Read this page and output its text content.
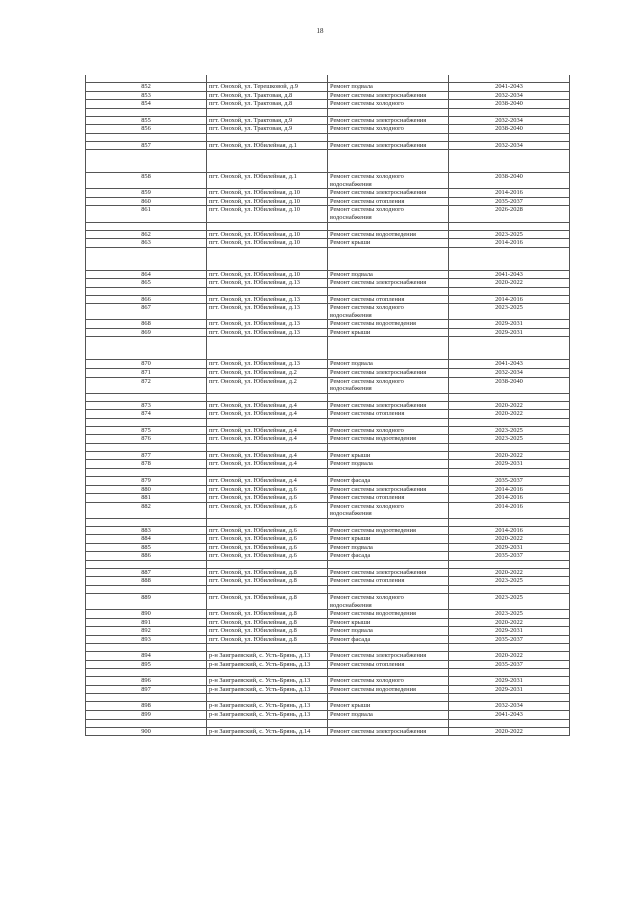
18

852	пгт. Онохой, ул. Терешковой, д.9	Ремонт подвала	2041-2043
853	пгт. Онохой, ул. Трактовая, д.8	Ремонт системы электроснабжения	2032-2034
854	пгт. Онохой, ул. Трактовая, д.8	Ремонт системы холодного	2038-2040

855	пгт. Онохой, ул. Трактовая, д.9	Ремонт системы электроснабжения	2032-2034
856	пгт. Онохой, ул. Трактовая, д.9	Ремонт системы холодного	2038-2040

857	пгт. Онохой, ул. Юбилейная, д.1	Ремонт системы электроснабжения	2032-2034

858	пгт. Онохой, ул. Юбилейная, д.1	Ремонт системы холодного водоснабжения	2038-2040
859	пгт. Онохой, ул. Юбилейная, д.10	Ремонт системы электроснабжения	2014-2016
860	пгт. Онохой, ул. Юбилейная, д.10	Ремонт системы отопления	2035-2037
861	пгт. Онохой, ул. Юбилейная, д.10	Ремонт системы холодного водоснабжения	2026-2028

862	пгт. Онохой, ул. Юбилейная, д.10	Ремонт системы водоотведения	2023-2025
863	пгт. Онохой, ул. Юбилейная, д.10	Ремонт крыши	2014-2016

864	пгт. Онохой, ул. Юбилейная, д.10	Ремонт подвала	2041-2043
865	пгт. Онохой, ул. Юбилейная, д.13	Ремонт системы электроснабжения	2020-2022

866	пгт. Онохой, ул. Юбилейная, д.13	Ремонт системы отопления	2014-2016
867	пгт. Онохой, ул. Юбилейная, д.13	Ремонт системы холодного водоснабжения	2023-2025
868	пгт. Онохой, ул. Юбилейная, д.13	Ремонт системы водоотведения	2029-2031
869	пгт. Онохой, ул. Юбилейная, д.13	Ремонт крыши	2029-2031

870	пгт. Онохой, ул. Юбилейная, д.13	Ремонт подвала	2041-2043
871	пгт. Онохой, ул. Юбилейная, д.2	Ремонт системы электроснабжения	2032-2034
872	пгт. Онохой, ул. Юбилейная, д.2	Ремонт системы холодного водоснабжения	2038-2040

873	пгт. Онохой, ул. Юбилейная, д.4	Ремонт системы электроснабжения	2020-2022
874	пгт. Онохой, ул. Юбилейная, д.4	Ремонт системы отопления	2020-2022

875	пгт. Онохой, ул. Юбилейная, д.4	Ремонт системы холодного	2023-2025
876	пгт. Онохой, ул. Юбилейная, д.4	Ремонт системы водоотведения	2023-2025

877	пгт. Онохой, ул. Юбилейная, д.4	Ремонт крыши	2020-2022
878	пгт. Онохой, ул. Юбилейная, д.4	Ремонт подвала	2029-2031

879	пгт. Онохой, ул. Юбилейная, д.4	Ремонт фасада	2035-2037
880	пгт. Онохой, ул. Юбилейная, д.6	Ремонт системы электроснабжения	2014-2016
881	пгт. Онохой, ул. Юбилейная, д.6	Ремонт системы отопления	2014-2016
882	пгт. Онохой, ул. Юбилейная, д.6	Ремонт системы холодного водоснабжения	2014-2016

883	пгт. Онохой, ул. Юбилейная, д.6	Ремонт системы водоотведения	2014-2016
884	пгт. Онохой, ул. Юбилейная, д.6	Ремонт крыши	2020-2022
885	пгт. Онохой, ул. Юбилейная, д.6	Ремонт подвала	2029-2031
886	пгт. Онохой, ул. Юбилейная, д.6	Ремонт фасада	2035-2037

887	пгт. Онохой, ул. Юбилейная, д.8	Ремонт системы электроснабжения	2020-2022
888	пгт. Онохой, ул. Юбилейная, д.8	Ремонт системы отопления	2023-2025

889	пгт. Онохой, ул. Юбилейная, д.8	Ремонт системы холодного водоснабжения	2023-2025
890	пгт. Онохой, ул. Юбилейная, д.8	Ремонт системы водоотведения	2023-2025
891	пгт. Онохой, ул. Юбилейная, д.8	Ремонт крыши	2020-2022
892	пгт. Онохой, ул. Юбилейная, д.8	Ремонт подвала	2029-2031
893	пгт. Онохой, ул. Юбилейная, д.8	Ремонт фасада	2035-2037

894	р-н Заиграевский, с. Усть-Брянь, д.13	Ремонт системы электроснабжения	2020-2022
895	р-н Заиграевский, с. Усть-Брянь, д.13	Ремонт системы отопления	2035-2037

896	р-н Заиграевский, с. Усть-Брянь, д.13	Ремонт системы холодного	2029-2031
897	р-н Заиграевский, с. Усть-Брянь, д.13	Ремонт системы водоотведения	2029-2031

898	р-н Заиграевский, с. Усть-Брянь, д.13	Ремонт крыши	2032-2034
899	р-н Заиграевский, с. Усть-Брянь, д.13	Ремонт подвала	2041-2043

900	р-н Заиграевский, с. Усть-Брянь, д.14	Ремонт системы электроснабжения	2020-2022
